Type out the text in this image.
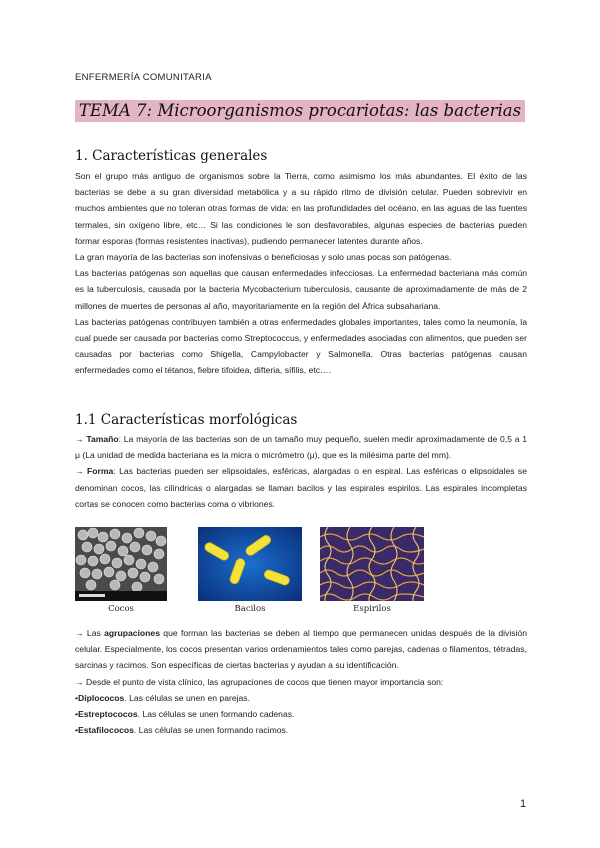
ENFERMERÍA COMUNITARIA
TEMA 7: Microorganismos procariotas: las bacterias
1. Características generales

Son el grupo más antiguo de organismos sobre la Tierra, como asimismo los más abundantes. El éxito de las bacterias se debe a su gran diversidad metabólica y a su rápido ritmo de división celular. Pueden sobrevivir en muchos ambientes que no toleran otras formas de vida: en las profundidades del océano, en las aguas de las fuentes termales, sin oxígeno libre, etc… Si las condiciones le son desfavorables, algunas especies de bacterias pueden formar esporas (formas resistentes inactivas), pudiendo permanecer latentes durante años.

La gran mayoría de las bacterias son inofensivas o beneficiosas y solo unas pocas son patógenas.

Las bacterias patógenas son aquellas que causan enfermedades infecciosas. La enfermedad bacteriana más común es la tuberculosis, causada por la bacteria Mycobacterium tuberculosis, causante de aproximadamente de más de 2 millones de muertes de personas al año, mayoritariamente en la región del África subsahariana.

Las bacterias patógenas contribuyen también a otras enfermedades globales importantes, tales como la neumonía, la cual puede ser causada por bacterias como Streptococcus, y enfermedades asociadas con alimentos, que pueden ser causadas por bacterias como Shigella, Campylobacter y Salmonella. Otras bacterias patógenas causan enfermedades como el tétanos, fiebre tifoidea, difteria, sífilis, etc….

1.1 Características morfológicas

→ Tamaño: La mayoría de las bacterias son de un tamaño muy pequeño, suelen medir aproximadamente de 0,5 a 1 μ (La unidad de medida bacteriana es la micra o micrómetro (μ), que es la milésima parte del mm).

→ Forma: Las bacterias pueden ser elipsoidales, esféricas, alargadas o en espiral. Las esféricas o elipsoidales se denominan cocos, las cilíndricas o alargadas se llaman bacilos y las espirales espirilos. Las espirales incompletas cortas se conocen como bacterias coma o vibriones.

Cocos	Bacilos	Espirilos

→ Las agrupaciones que forman las bacterias se deben al tiempo que permanecen unidas después de la división celular. Especialmente, los cocos presentan varios ordenamientos tales como parejas, cadenas o filamentos, tétradas, sarcinas y racimos. Son específicas de ciertas bacterias y ayudan a su identificación.

→ Desde el punto de vista clínico, las agrupaciones de cocos que tienen mayor importancia son:

•Diplococos. Las células se unen en parejas.

•Estreptococos. Las células se unen formando cadenas.

•Estafilococos. Las células se unen formando racimos.

1
